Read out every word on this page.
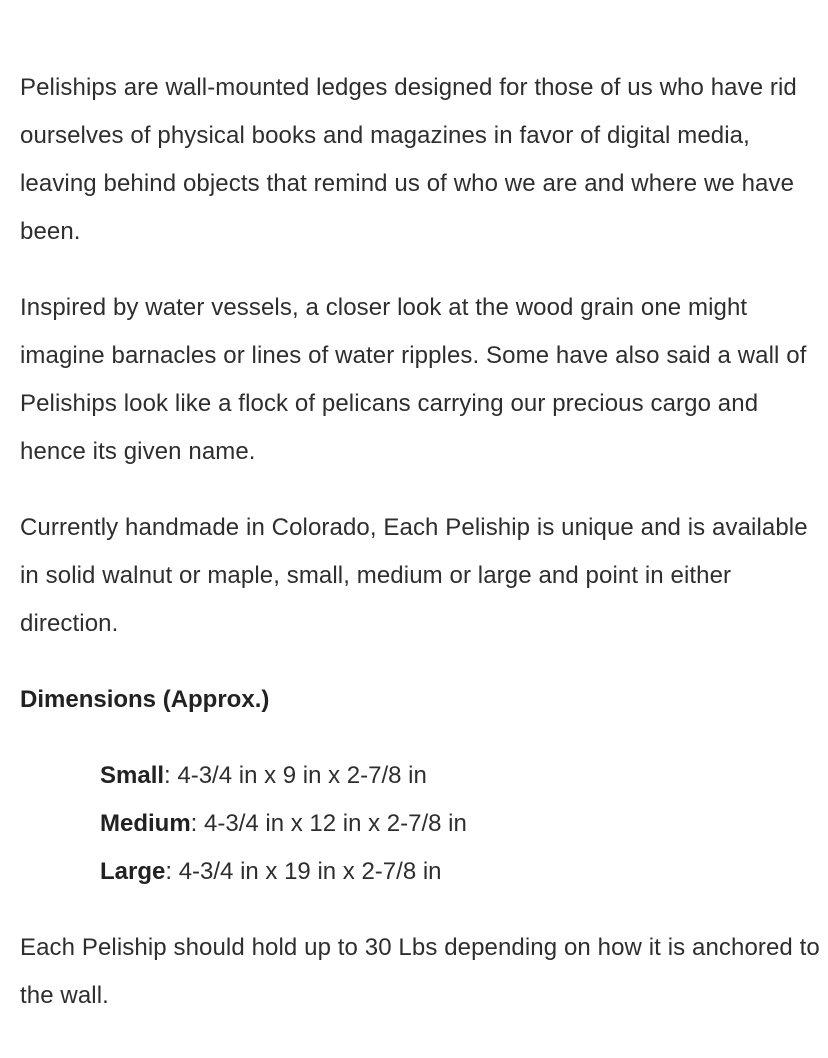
Peliships are wall-mounted ledges designed for those of us who have rid ourselves of physical books and magazines in favor of digital media, leaving behind objects that remind us of who we are and where we have been.

Inspired by water vessels, a closer look at the wood grain one might imagine barnacles or lines of water ripples. Some have also said a wall of Peliships look like a flock of pelicans carrying our precious cargo and hence its given name.

Currently handmade in Colorado, Each Peliship is unique and is available in solid walnut or maple, small, medium or large and point in either direction.

Dimensions (Approx.)
Small: 4-3/4 in x 9 in x 2-7/8 in
Medium: 4-3/4 in x 12 in x 2-7/8 in
Large: 4-3/4 in x 19 in x 2-7/8 in

Each Peliship should hold up to 30 Lbs depending on how it is anchored to the wall.
